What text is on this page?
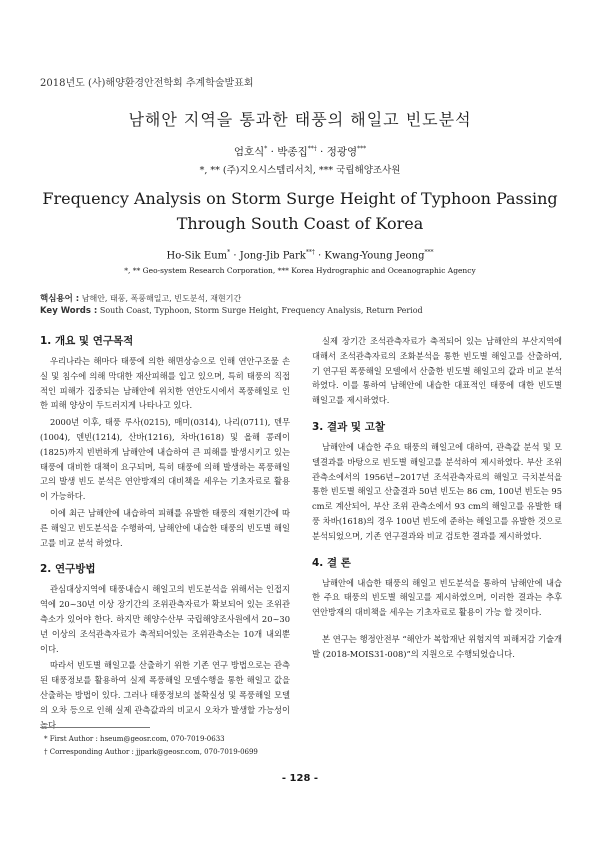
2018년도 (사)해양환경안전학회 추계학술발표회
남해안 지역을 통과한 태풍의 해일고 빈도분석
엄호식* · 박종집**† · 정광영***
*, ** (주)지오시스템리서치, *** 국립해양조사원
Frequency Analysis on Storm Surge Height of Typhoon Passing Through South Coast of Korea
Ho-Sik Eum* · Jong-Jib Park**† · Kwang-Young Jeong***
*, ** Geo-system Research Corporation, *** Korea Hydrographic and Oceanographic Agency
핵심용어 : 남해안, 태풍, 폭풍해일고, 빈도분석, 재현기간
Key Words : South Coast, Typhoon, Storm Surge Height, Frequency Analysis, Return Period
1. 개요 및 연구목적

우리나라는 해마다 태풍에 의한 해면상승으로 인해 연안구조물 손실 및 침수에 의해 막대한 재산피해를 입고 있으며, 특히 태풍의 직접적인 피해가 집중되는 남해안에 위치한 연안도시에서 폭풍해일로 인한 피해 양상이 두드러지게 나타나고 있다.

2000년 이후, 태풍 루사(0215), 매미(0314), 나리(0711), 덴무(1004), 덴빈(1214), 산바(1216), 차바(1618) 및 올해 콩레이(1825)까지 빈번하게 남해안에 내습하여 큰 피해를 발생시키고 있는 태풍에 대비한 대책이 요구되며, 특히 태풍에 의해 발생하는 폭풍해일고의 발생 빈도 분석은 연안방재의 대비책을 세우는 기초자료로 활용이 가능하다.

이에 최근 남해안에 내습하여 피해를 유발한 태풍의 재현기간에 따른 해일고 빈도분석을 수행하여, 남해안에 내습한 태풍의 빈도별 해일고를 비교 분석 하였다.

2. 연구방법

관심대상지역에 태풍내습시 해일고의 빈도분석을 위해서는 인접지역에 20~30년 이상 장기간의 조위관측자료가 확보되어 있는 조위관측소가 있어야 한다. 하지만 해양수산부 국립해양조사원에서 20~30년 이상의 조석관측자료가 축적되어있는 조위관측소는 10개 내외뿐이다.

따라서 빈도별 해일고를 산출하기 위한 기존 연구 방법으로는 관측된 태풍정보를 활용하여 실제 폭풍해일 모델수행을 통한 해일고 값을 산출하는 방법이 있다. 그러나 태풍정보의 불확실성 및 폭풍해일 모델의 오차 등으로 인해 실제 관측값과의 비교시 오차가 발생할 가능성이 높다.

실제 장기간 조석관측자료가 축적되어 있는 남해안의 부산지역에 대해서 조석관측자료의 조화분석을 통한 빈도별 해일고를 산출하여, 기 연구된 폭풍해일 모델에서 산출한 빈도별 해일고의 값과 비교 분석하였다. 이를 통하여 남해안에 내습한 대표적인 태풍에 대한 빈도별 해일고를 제시하였다.

3. 결과 및 고찰

남해안에 내습한 주요 태풍의 해일고에 대하여, 관측값 분석 및 모델결과를 바탕으로 빈도별 해일고를 분석하여 제시하였다. 부산 조위관측소에서의 1956년~2017년 조석관측자료의 해일고 극치분석을 통한 빈도별 해일고 산출결과 50년 빈도는 86 cm, 100년 빈도는 95 cm로 계산되어, 부산 조위 관측소에서 93 cm의 해일고를 유발한 태풍 차바(1618)의 경우 100년 빈도에 준하는 해일고를 유발한 것으로 분석되었으며, 기존 연구결과와 비교 검토한 결과를 제시하였다.

4. 결 론

남해안에 내습한 태풍의 해일고 빈도분석을 통하여 남해안에 내습한 주요 태풍의 빈도별 해일고를 제시하였으며, 이러한 결과는 추후 연안방재의 대비책을 세우는 기초자료로 활용이 가능 할 것이다.

본 연구는 행정안전부 “해안가 복합재난 위험지역 피해저감 기술개발 (2018-MOIS31-008)”의 지원으로 수행되었습니다.

* First Author : hseum@geosr.com, 070-7019-0633
† Corresponding Author : jjpark@geosr.com, 070-7019-0699
- 128 -
